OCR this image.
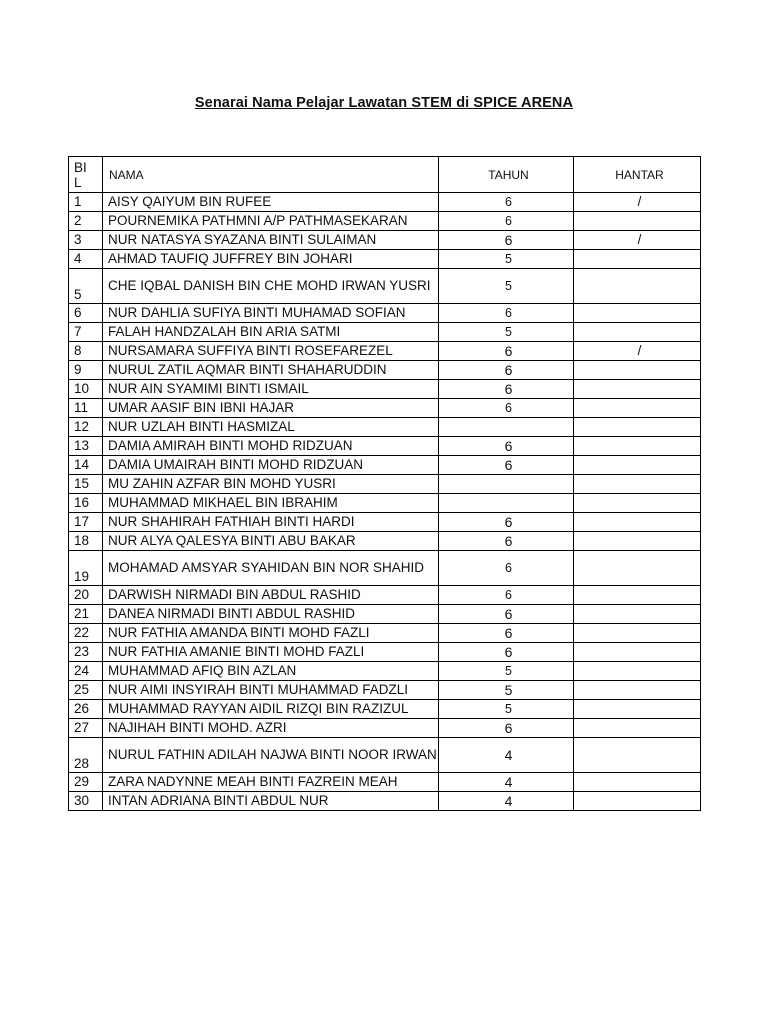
Senarai Nama Pelajar Lawatan STEM di SPICE ARENA
BIL	NAMA	TAHUN	HANTAR
1	AISY QAIYUM BIN RUFEE	6	/
2	POURNEMIKA PATHMNI A/P PATHMASEKARAN	6	
3	NUR NATASYA SYAZANA BINTI SULAIMAN	6	/
4	AHMAD TAUFIQ JUFFREY BIN JOHARI	5	
5	CHE IQBAL DANISH BIN CHE MOHD IRWAN YUSRI	5	
6	NUR DAHLIA SUFIYA BINTI MUHAMAD SOFIAN	6	
7	FALAH HANDZALAH BIN ARIA SATMI	5	
8	NURSAMARA SUFFIYA BINTI ROSEFAREZEL	6	/
9	NURUL ZATIL AQMAR BINTI SHAHARUDDIN	6	
10	NUR AIN SYAMIMI BINTI ISMAIL	6	
11	UMAR AASIF BIN IBNI HAJAR	6	
12	NUR UZLAH BINTI HASMIZAL		
13	DAMIA AMIRAH BINTI MOHD RIDZUAN	6	
14	DAMIA UMAIRAH BINTI MOHD RIDZUAN	6	
15	MU ZAHIN AZFAR BIN MOHD YUSRI		
16	MUHAMMAD MIKHAEL BIN IBRAHIM		
17	NUR SHAHIRAH FATHIAH BINTI HARDI	6	
18	NUR ALYA QALESYA BINTI ABU BAKAR	6	
19	MOHAMAD AMSYAR SYAHIDAN BIN NOR SHAHID	6	
20	DARWISH NIRMADI BIN ABDUL RASHID	6	
21	DANEA NIRMADI BINTI ABDUL RASHID	6	
22	NUR FATHIA AMANDA BINTI MOHD FAZLI	6	
23	NUR FATHIA AMANIE BINTI MOHD FAZLI	6	
24	MUHAMMAD AFIQ BIN AZLAN	5	
25	NUR AIMI INSYIRAH BINTI MUHAMMAD FADZLI	5	
26	MUHAMMAD RAYYAN AIDIL RIZQI BIN RAZIZUL	5	
27	NAJIHAH BINTI MOHD. AZRI	6	
28	NURUL FATHIN ADILAH NAJWA BINTI NOOR IRWAN	4	
29	ZARA NADYNNE MEAH BINTI FAZREIN MEAH	4	
30	INTAN ADRIANA BINTI ABDUL NUR	4	
